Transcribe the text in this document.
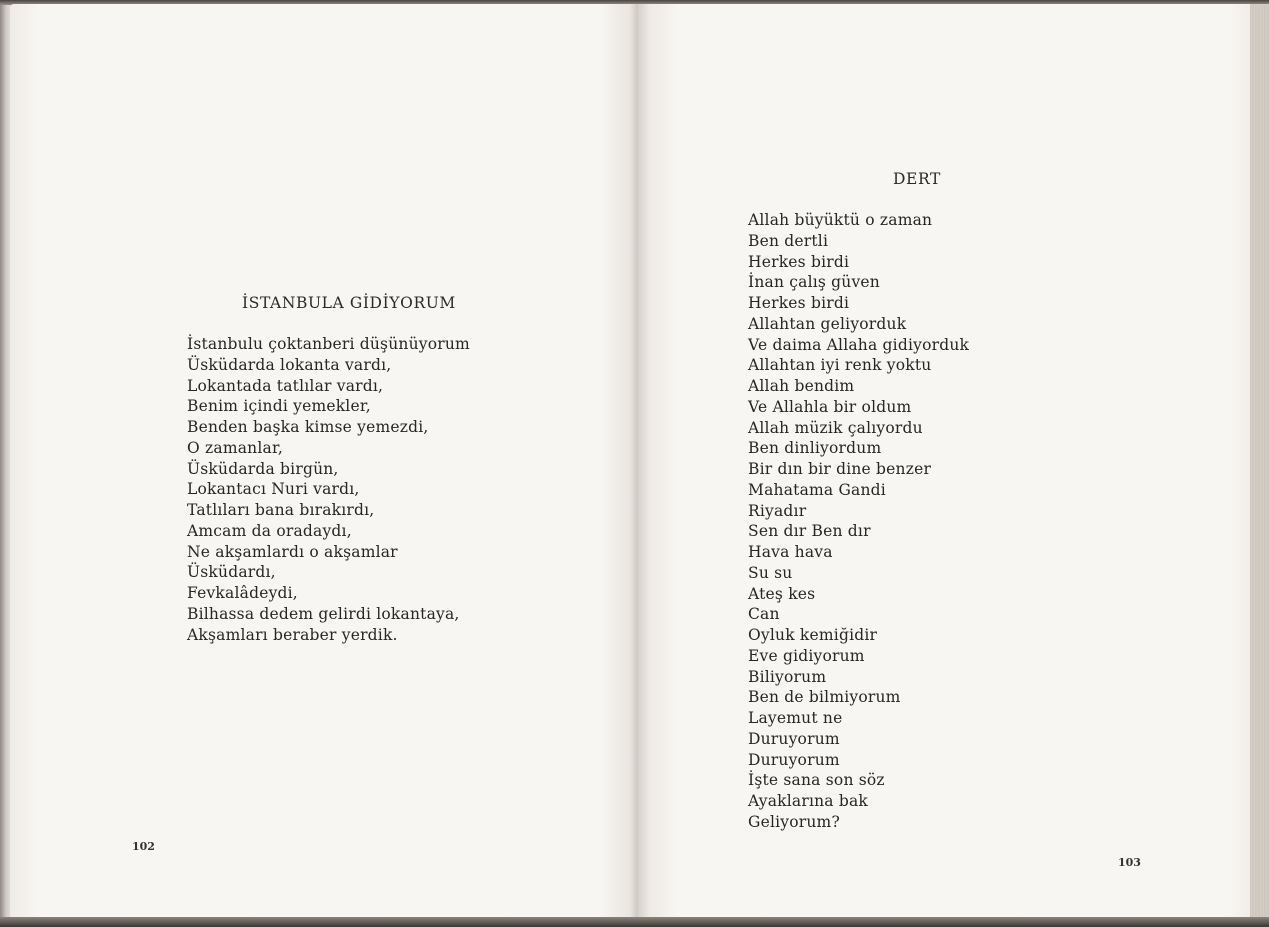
İSTANBULA GİDİYORUM
İstanbulu çoktanberi düşünüyorum
Üsküdarda lokanta vardı,
Lokantada tatlılar vardı,
Benim içindi yemekler,
Benden başka kimse yemezdi,
O zamanlar,
Üsküdarda birgün,
Lokantacı Nuri vardı,
Tatlıları bana bırakırdı,
Amcam da oradaydı,
Ne akşamlardı o akşamlar
Üsküdardı,
Fevkalâdeydi,
Bilhassa dedem gelirdi lokantaya,
Akşamları beraber yerdik.

102

DERT
Allah büyüktü o zaman
Ben dertli
Herkes birdi
İnan çalış güven
Herkes birdi
Allahtan geliyorduk
Ve daima Allaha gidiyorduk
Allahtan iyi renk yoktu
Allah bendim
Ve Allahla bir oldum
Allah müzik çalıyordu
Ben dinliyordum
Bir dın bir dine benzer
Mahatama Gandi
Riyadır
Sen dır Ben dır
Hava hava
Su su
Ateş kes
Can
Oyluk kemiğidir
Eve gidiyorum
Biliyorum
Ben de bilmiyorum
Layemut ne
Duruyorum
Duruyorum
İşte sana son söz
Ayaklarına bak
Geliyorum?

103
